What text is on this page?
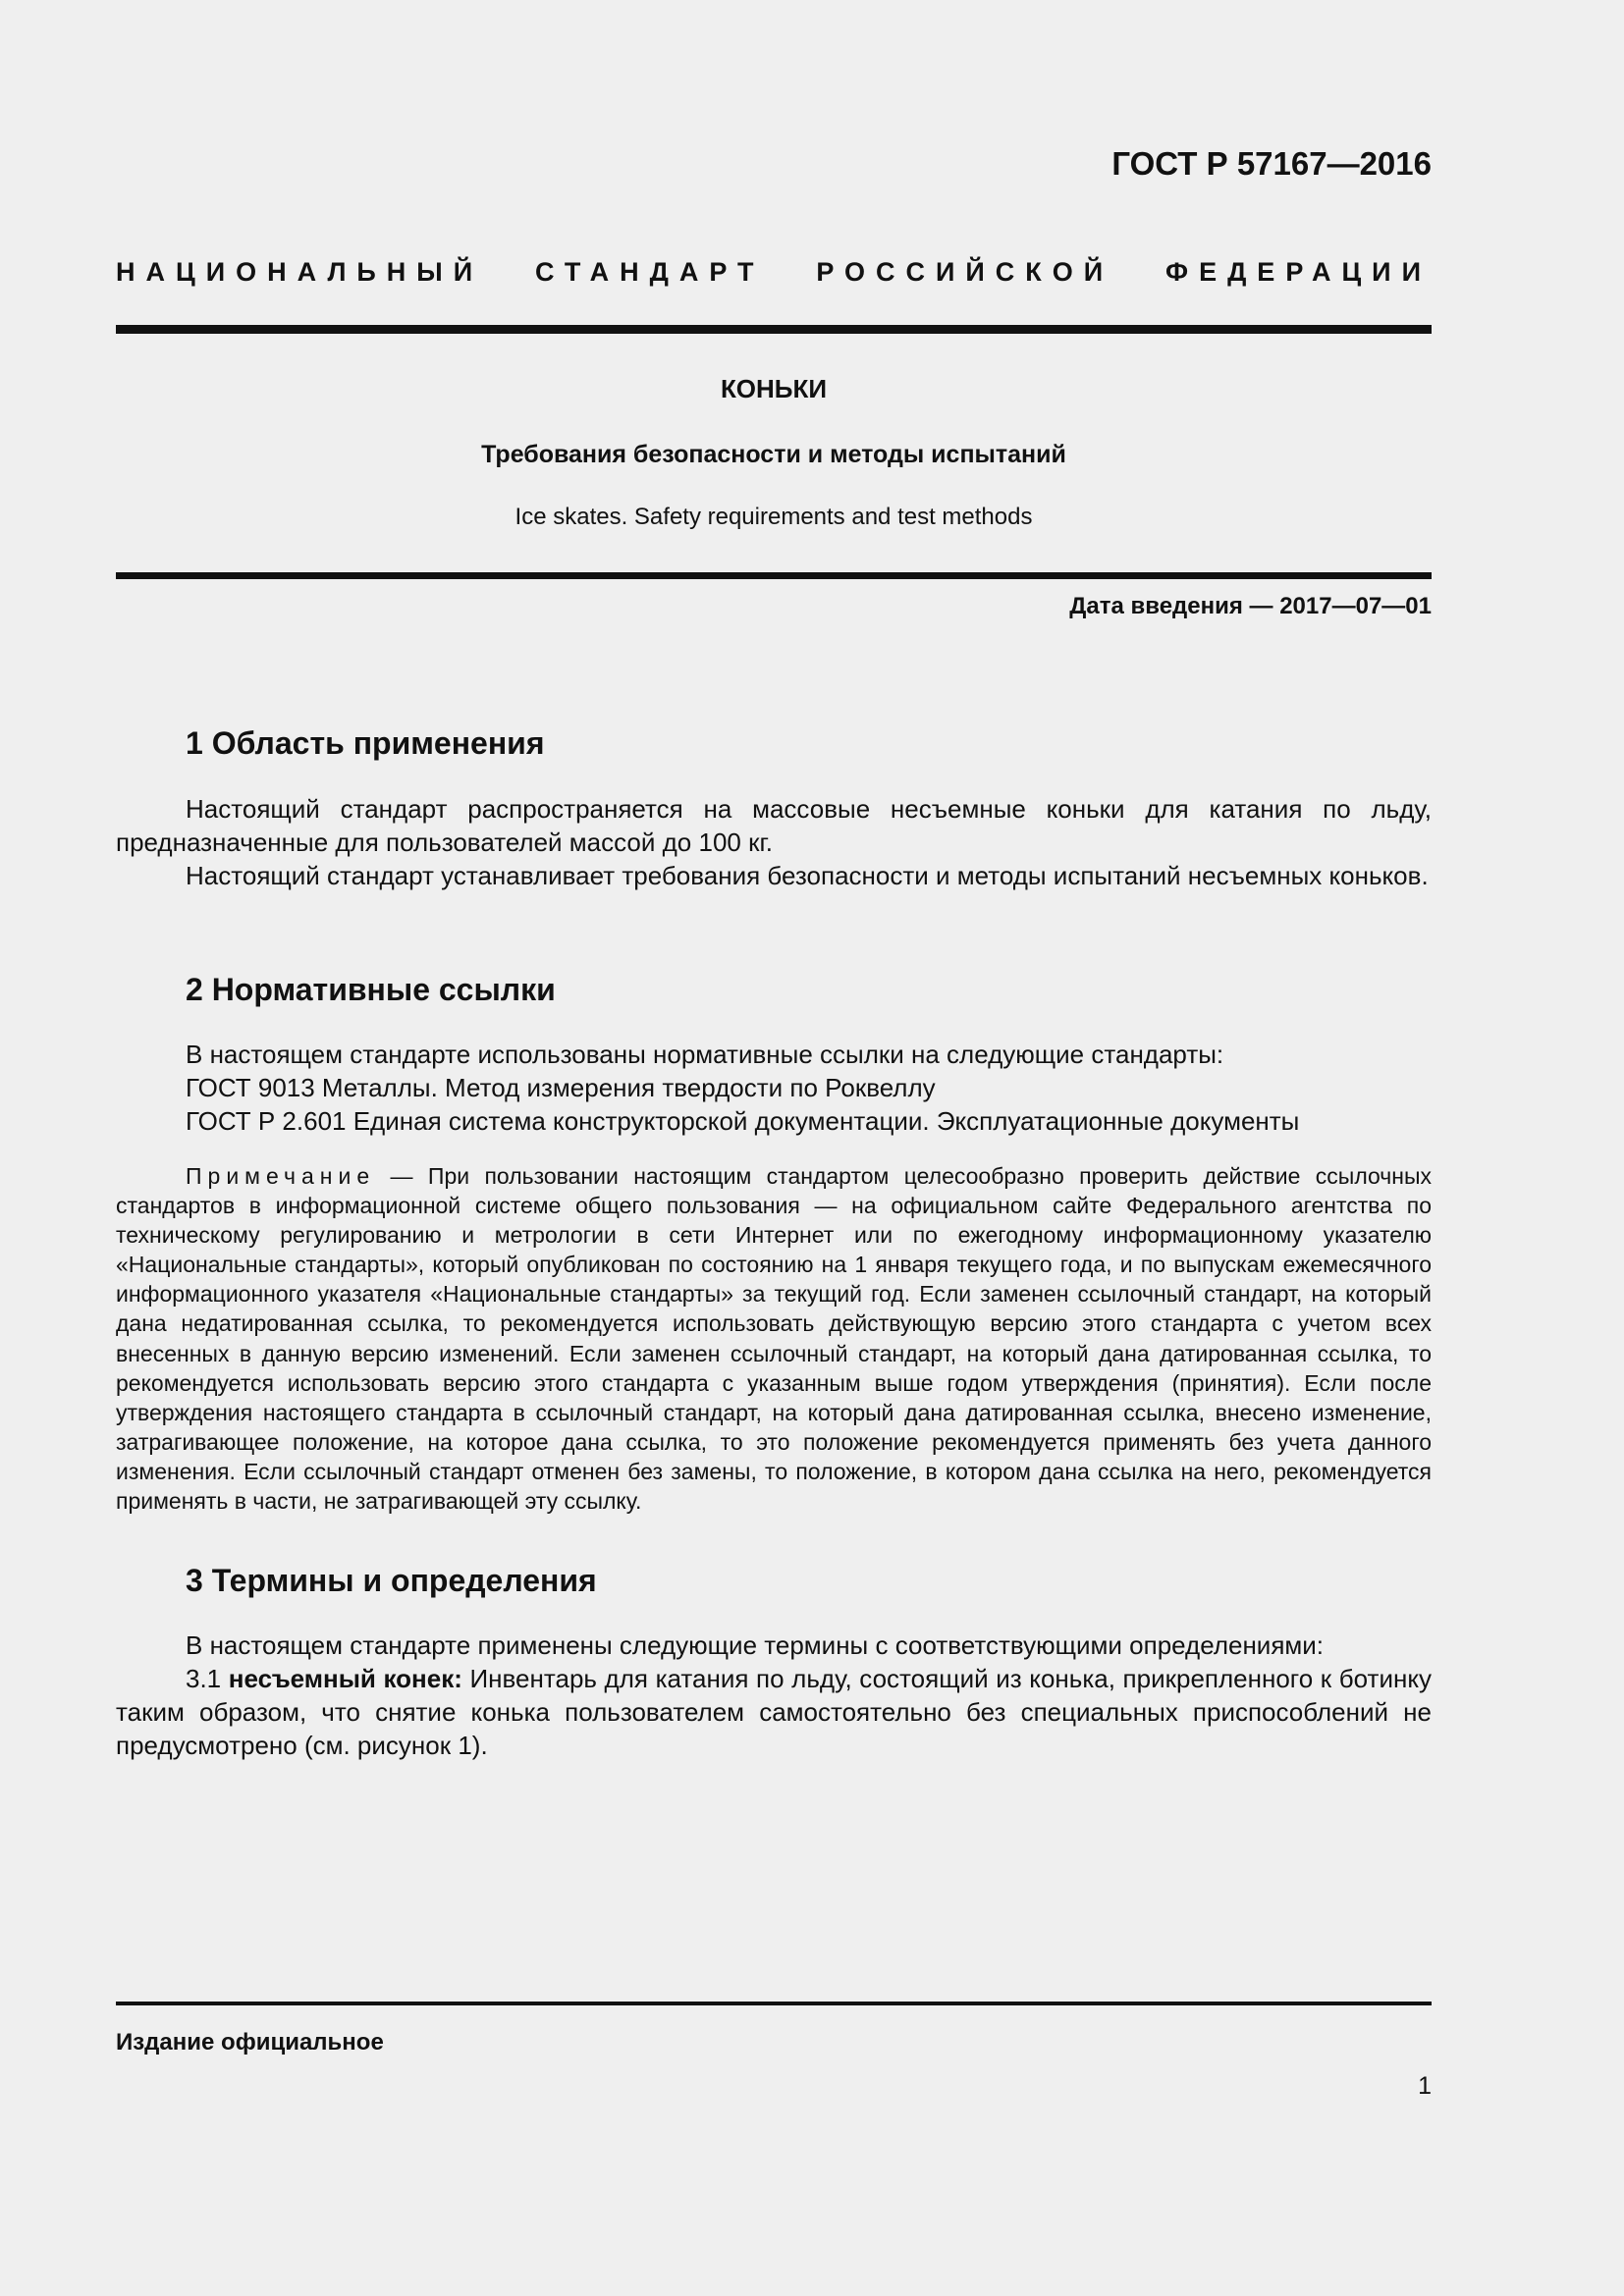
ГОСТ Р 57167—2016
НАЦИОНАЛЬНЫЙ СТАНДАРТ РОССИЙСКОЙ ФЕДЕРАЦИИ
КОНЬКИ
Требования безопасности и методы испытаний
Ice skates. Safety requirements and test methods
Дата введения — 2017—07—01
1 Область применения

Настоящий стандарт распространяется на массовые несъемные коньки для катания по льду, предназначенные для пользователей массой до 100 кг.

Настоящий стандарт устанавливает требования безопасности и методы испытаний несъемных коньков.

2 Нормативные ссылки

В настоящем стандарте использованы нормативные ссылки на следующие стандарты:

ГОСТ 9013 Металлы. Метод измерения твердости по Роквеллу

ГОСТ Р 2.601 Единая система конструкторской документации. Эксплуатационные документы

Примечание — При пользовании настоящим стандартом целесообразно проверить действие ссылочных стандартов в информационной системе общего пользования — на официальном сайте Федерального агентства по техническому регулированию и метрологии в сети Интернет или по ежегодному информационному указателю «Национальные стандарты», который опубликован по состоянию на 1 января текущего года, и по выпускам ежемесячного информационного указателя «Национальные стандарты» за текущий год. Если заменен ссылочный стандарт, на который дана недатированная ссылка, то рекомендуется использовать действующую версию этого стандарта с учетом всех внесенных в данную версию изменений. Если заменен ссылочный стандарт, на который дана датированная ссылка, то рекомендуется использовать версию этого стандарта с указанным выше годом утверждения (принятия). Если после утверждения настоящего стандарта в ссылочный стандарт, на который дана датированная ссылка, внесено изменение, затрагивающее положение, на которое дана ссылка, то это положение рекомендуется применять без учета данного изменения. Если ссылочный стандарт отменен без замены, то положение, в котором дана ссылка на него, рекомендуется применять в части, не затрагивающей эту ссылку.

3 Термины и определения

В настоящем стандарте применены следующие термины с соответствующими определениями:

3.1 несъемный конек: Инвентарь для катания по льду, состоящий из конька, прикрепленного к ботинку таким образом, что снятие конька пользователем самостоятельно без специальных приспособлений не предусмотрено (см. рисунок 1).

Издание официальное
1
